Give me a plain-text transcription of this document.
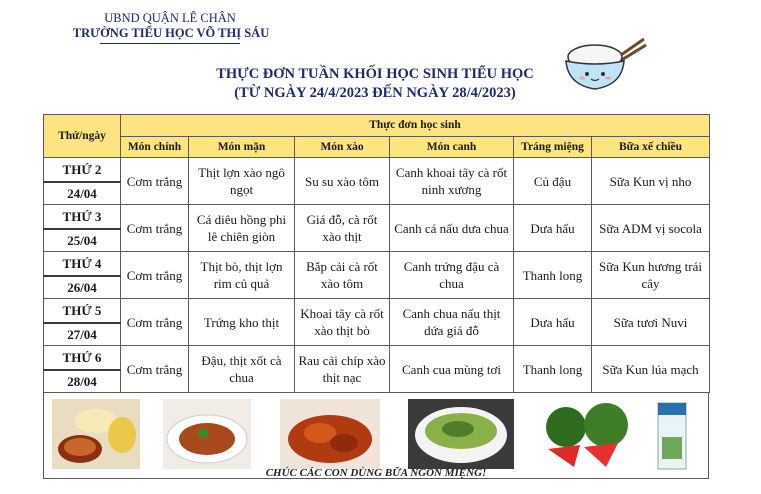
UBND QUẬN LÊ CHÂN
TRƯỜNG TIỂU HỌC VÕ THỊ SÁU
THỰC ĐƠN TUẦN KHỐI HỌC SINH TIỂU HỌC
(TỪ NGÀY 24/4/2023 ĐẾN NGÀY 28/4/2023)
Thứ/ngày	Thực đơn học sinh					
	Món chính	Món mặn	Món xào	Món canh	Tráng miệng	Bữa xế chiều
THỨ 2	Cơm trắng	Thịt lợn xào ngô ngọt	Su su xào tôm	Canh khoai tây cà rốt ninh xương	Củ đậu	Sữa Kun vị nho
24/04						
THỨ 3	Cơm trắng	Cá diêu hồng phi lê chiên giòn	Giá đỗ, cà rốt xào thịt	Canh cá nấu dưa chua	Dưa hấu	Sữa ADM vị socola
25/04						
THỨ 4	Cơm trắng	Thịt bò, thịt lợn rim củ quả	Bắp cải cà rốt xào tôm	Canh trứng đậu cà chua	Thanh long	Sữa Kun hương trái cây
26/04						
THỨ 5	Cơm trắng	Trứng kho thịt	Khoai tây cà rốt xào thịt bò	Canh chua nấu thịt dứa giá đỗ	Dưa hấu	Sữa tươi Nuvi
27/04						
THỨ 6	Cơm trắng	Đậu, thịt xốt cà chua	Rau cải chíp xào thịt nạc	Canh cua mùng tơi	Thanh long	Sữa Kun lúa mạch
28/04						
CHÚC CÁC CON DÙNG BỮA NGON MIỆNG!
